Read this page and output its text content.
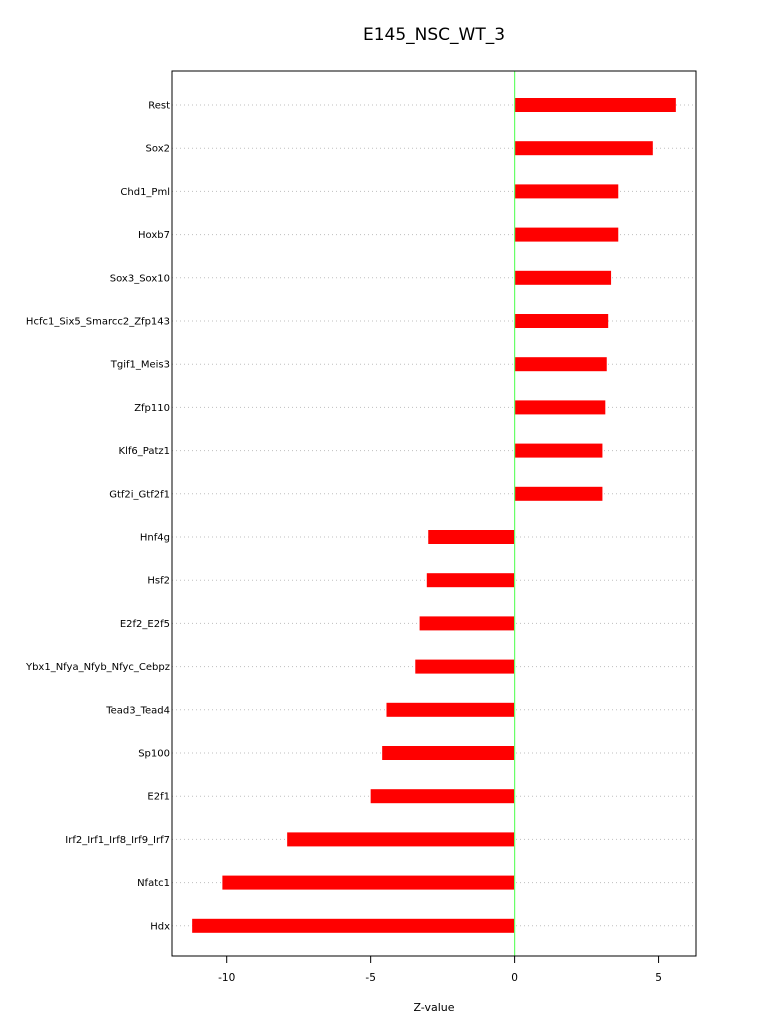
E145_NSC_WT_3
Rest
Sox2
Chd1_Pml
Hoxb7
Sox3_Sox10
Hcfc1_Six5_Smarcc2_Zfp143
Tgif1_Meis3
Zfp110
Klf6_Patz1
Gtf2i_Gtf2f1
Hnf4g
Hsf2
E2f2_E2f5
Ybx1_Nfya_Nfyb_Nfyc_Cebpz
Tead3_Tead4
Sp100
E2f1
Irf2_Irf1_Irf8_Irf9_Irf7
Nfatc1
Hdx
-10	-5	0	5
Z-value
